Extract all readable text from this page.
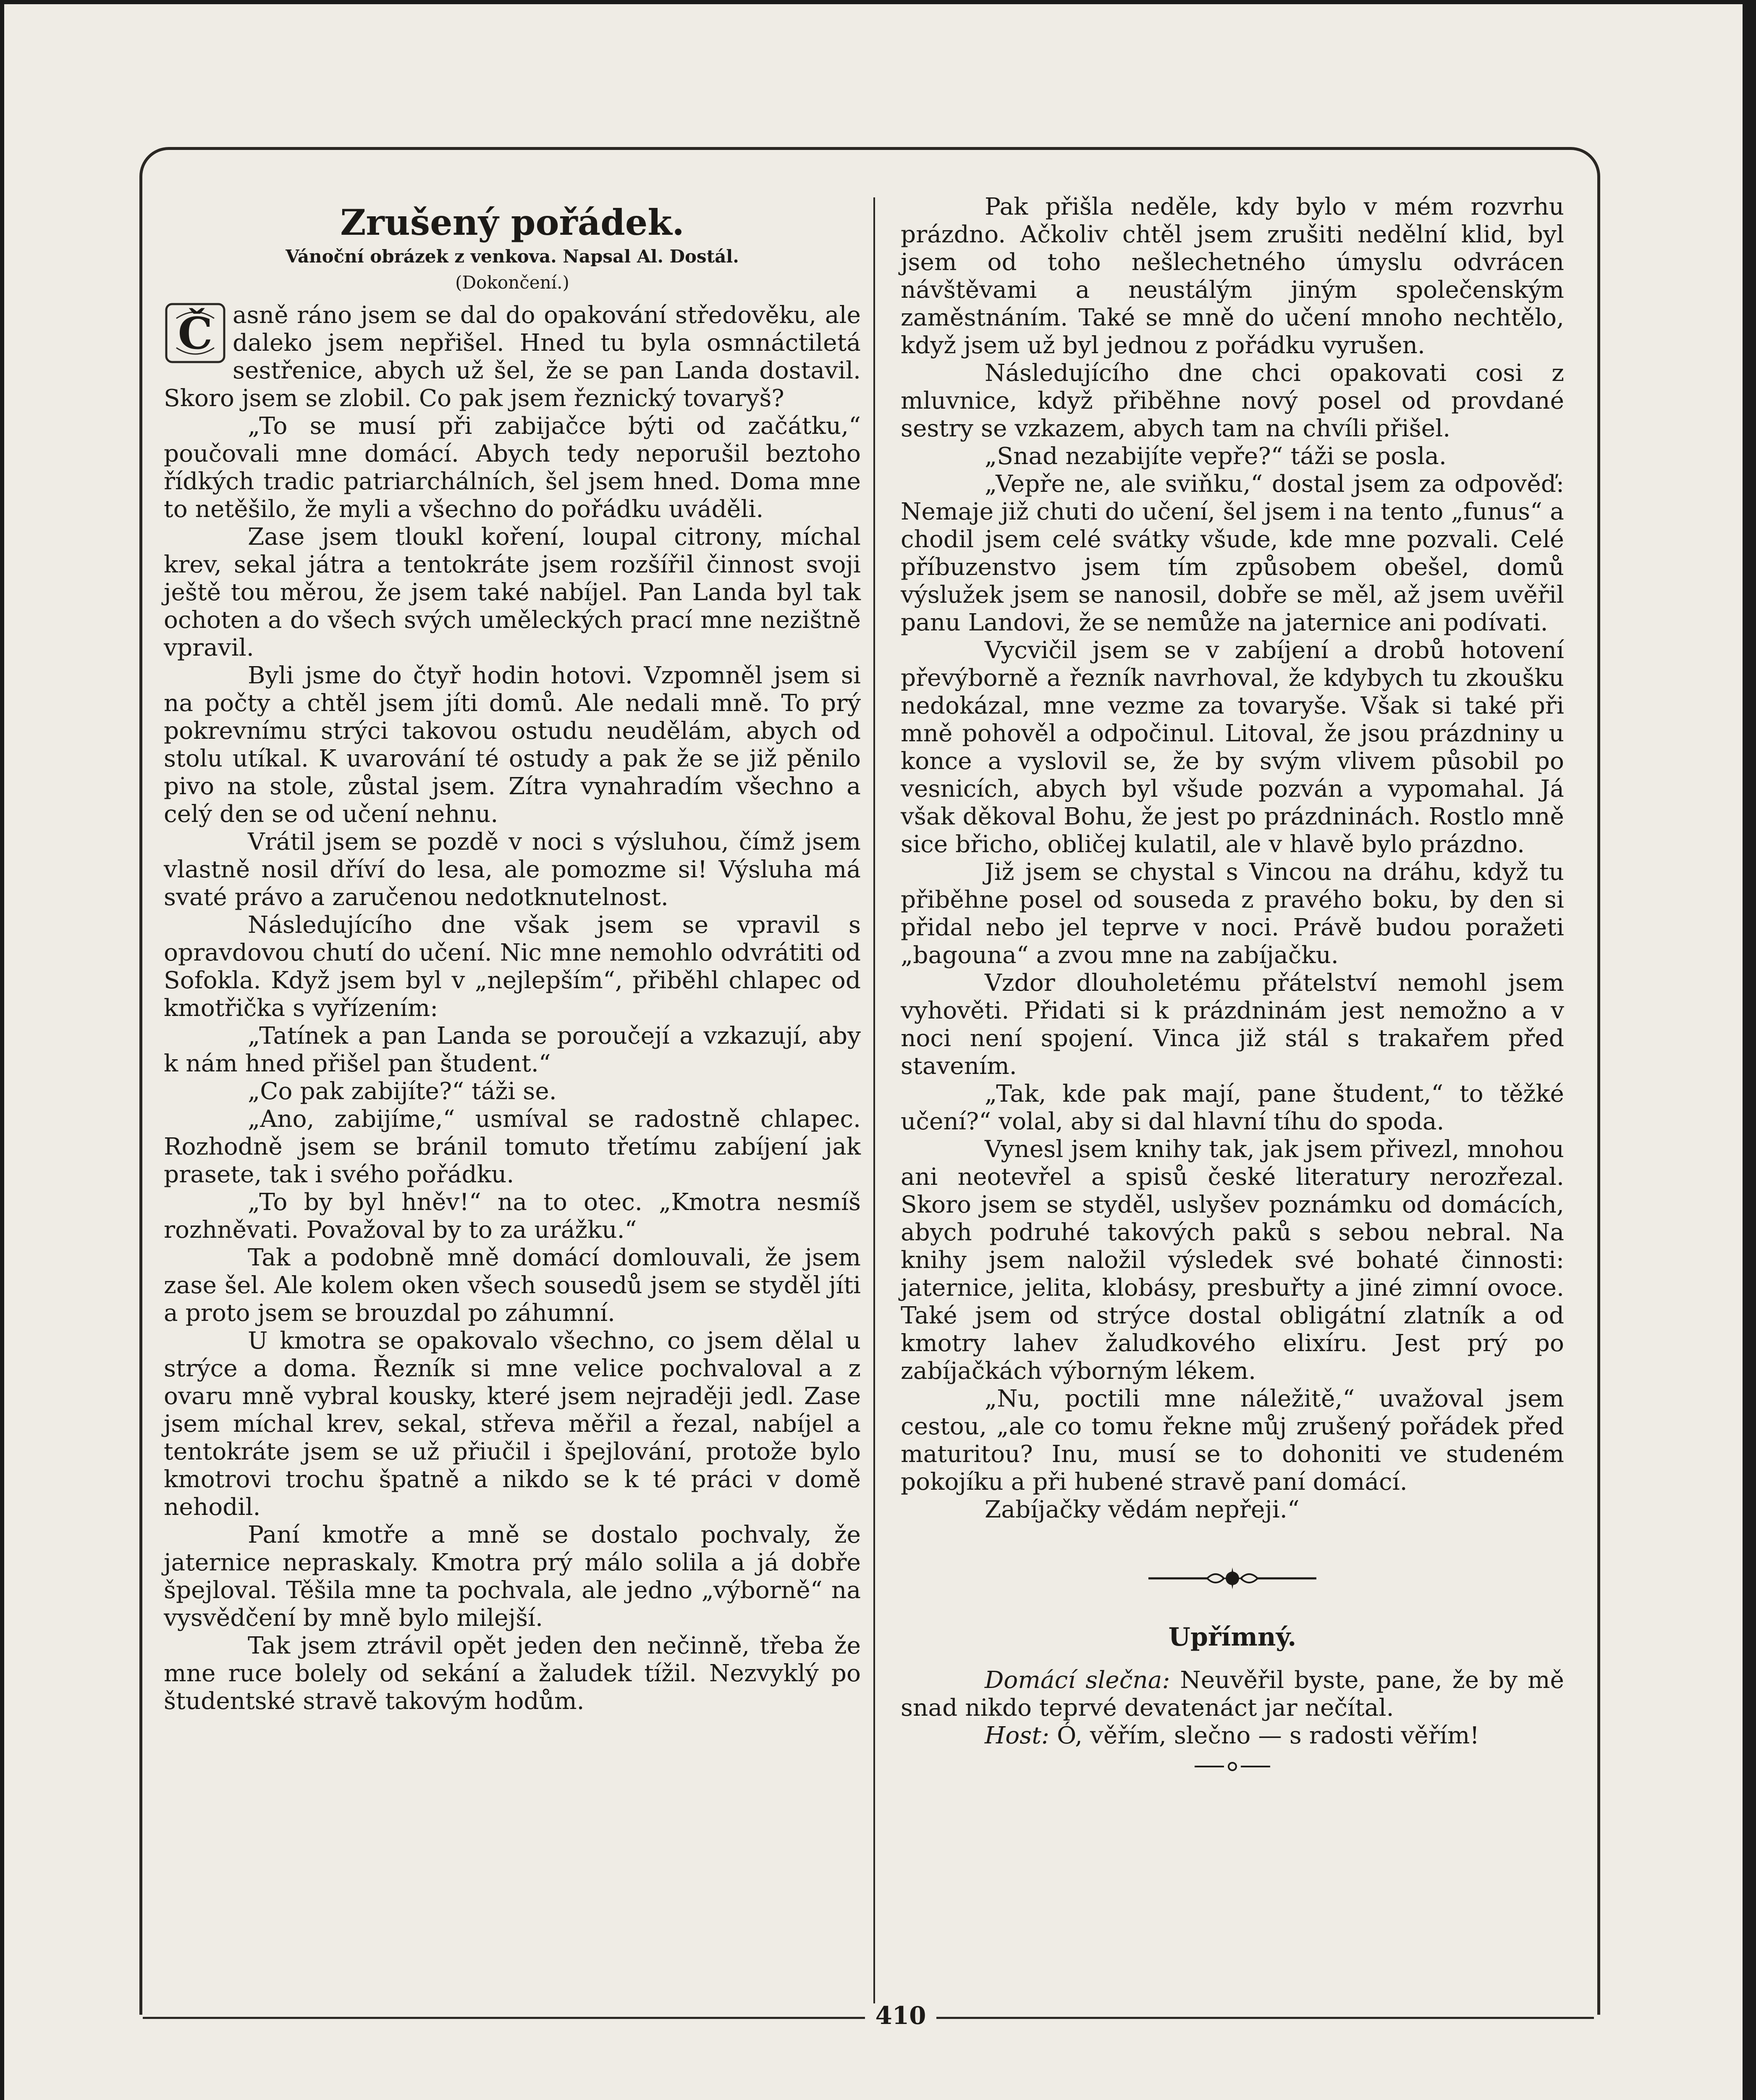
Zrušený pořádek.
Vánoční obrázek z venkova. Napsal Al. Dostál.
(Dokončení.)
Č asně ráno jsem se dal do opakování středověku, ale daleko jsem nepřišel. Hned tu byla osmnáctiletá sestřenice, abych už šel, že se pan Landa dostavil. Skoro jsem se zlobil. Co pak jsem řeznický tovaryš?

„To se musí při zabijačce býti od začátku,“ poučovali mne domácí. Abych tedy neporušil beztoho řídkých tradic patriarchálních, šel jsem hned. Doma mne to netěšilo, že myli a všechno do pořádku uváděli.

Zase jsem tloukl koření, loupal citrony, míchal krev, sekal játra a tentokráte jsem rozšířil činnost svoji ještě tou měrou, že jsem také nabíjel. Pan Landa byl tak ochoten a do všech svých uměleckých prací mne nezištně vpravil.

Byli jsme do čtyř hodin hotovi. Vzpomněl jsem si na počty a chtěl jsem jíti domů. Ale nedali mně. To prý pokrevnímu strýci takovou ostudu neudělám, abych od stolu utíkal. K uvarování té ostudy a pak že se již pěnilo pivo na stole, zůstal jsem. Zítra vynahradím všechno a celý den se od učení nehnu.

Vrátil jsem se pozdě v noci s výsluhou, čímž jsem vlastně nosil dříví do lesa, ale pomozme si! Výsluha má svaté právo a zaručenou nedotknutelnost.

Následujícího dne však jsem se vpravil s opravdovou chutí do učení. Nic mne nemohlo odvrátiti od Sofokla. Když jsem byl v „nejlepším“, přiběhl chlapec od kmotřička s vyřízením:

„Tatínek a pan Landa se poroučejí a vzkazují, aby k nám hned přišel pan študent.“

„Co pak zabijíte?“ táži se.

„Ano, zabijíme,“ usmíval se radostně chlapec. Rozhodně jsem se bránil tomuto třetímu zabíjení jak prasete, tak i svého pořádku.

„To by byl hněv!“ na to otec. „Kmotra nesmíš rozhněvati. Považoval by to za urážku.“

Tak a podobně mně domácí domlouvali, že jsem zase šel. Ale kolem oken všech sousedů jsem se styděl jíti a proto jsem se brouzdal po záhumní.

U kmotra se opakovalo všechno, co jsem dělal u strýce a doma. Řezník si mne velice pochvaloval a z ovaru mně vybral kousky, které jsem nejraději jedl. Zase jsem míchal krev, sekal, střeva měřil a řezal, nabíjel a tentokráte jsem se už přiučil i špejlování, protože bylo kmotrovi trochu špatně a nikdo se k té práci v domě nehodil.

Paní kmotře a mně se dostalo pochvaly, že jaternice nepraskaly. Kmotra prý málo solila a já dobře špejloval. Těšila mne ta pochvala, ale jedno „výborně“ na vysvědčení by mně bylo milejší.

Tak jsem ztrávil opět jeden den nečinně, třeba že mne ruce bolely od sekání a žaludek tížil. Nezvyklý po študentské stravě takovým hodům.

Pak přišla neděle, kdy bylo v mém rozvrhu prázdno. Ačkoliv chtěl jsem zrušiti nedělní klid, byl jsem od toho nešlechetného úmyslu odvrácen návštěvami a neustálým jiným společenským zaměstnáním. Také se mně do učení mnoho nechtělo, když jsem už byl jednou z pořádku vyrušen.

Následujícího dne chci opakovati cosi z mluvnice, když přiběhne nový posel od provdané sestry se vzkazem, abych tam na chvíli přišel.

„Snad nezabijíte vepře?“ táži se posla.

„Vepře ne, ale sviňku,“ dostal jsem za odpověď: Nemaje již chuti do učení, šel jsem i na tento „funus“ a chodil jsem celé svátky všude, kde mne pozvali. Celé příbuzenstvo jsem tím způsobem obešel, domů výslužek jsem se nanosil, dobře se měl, až jsem uvěřil panu Landovi, že se nemůže na jaternice ani podívati.

Vycvičil jsem se v zabíjení a drobů hotovení převýborně a řezník navrhoval, že kdybych tu zkoušku nedokázal, mne vezme za tovaryše. Však si také při mně pohověl a odpočinul. Litoval, že jsou prázdniny u konce a vyslovil se, že by svým vlivem působil po vesnicích, abych byl všude pozván a vypomahal. Já však děkoval Bohu, že jest po prázdninách. Rostlo mně sice břicho, obličej kulatil, ale v hlavě bylo prázdno.

Již jsem se chystal s Vincou na dráhu, když tu přiběhne posel od souseda z pravého boku, by den si přidal nebo jel teprve v noci. Právě budou poražeti „bagouna“ a zvou mne na zabíjačku.

Vzdor dlouholetému přátelství nemohl jsem vyhověti. Přidati si k prázdninám jest nemožno a v noci není spojení. Vinca již stál s trakařem před stavením.

„Tak, kde pak mají, pane študent,“ to těžké učení?“ volal, aby si dal hlavní tíhu do spoda.

Vynesl jsem knihy tak, jak jsem přivezl, mnohou ani neotevřel a spisů české literatury nerozřezal. Skoro jsem se styděl, uslyšev poznámku od domácích, abych podruhé takových paků s sebou nebral. Na knihy jsem naložil výsledek své bohaté činnosti: jaternice, jelita, klobásy, presbuřty a jiné zimní ovoce. Také jsem od strýce dostal obligátní zlatník a od kmotry lahev žaludkového elixíru. Jest prý po zabíjačkách výborným lékem.

„Nu, poctili mne náležitě,“ uvažoval jsem cestou, „ale co tomu řekne můj zrušený pořádek před maturitou? Inu, musí se to dohoniti ve studeném pokojíku a při hubené stravě paní domácí.

Zabíjačky vědám nepřeji.“

Upřímný.

Domácí slečna: Neuvěřil byste, pane, že by mě snad nikdo teprvé devatenáct jar nečítal.

Host: Ó, věřím, slečno — s radosti věřím!

410
